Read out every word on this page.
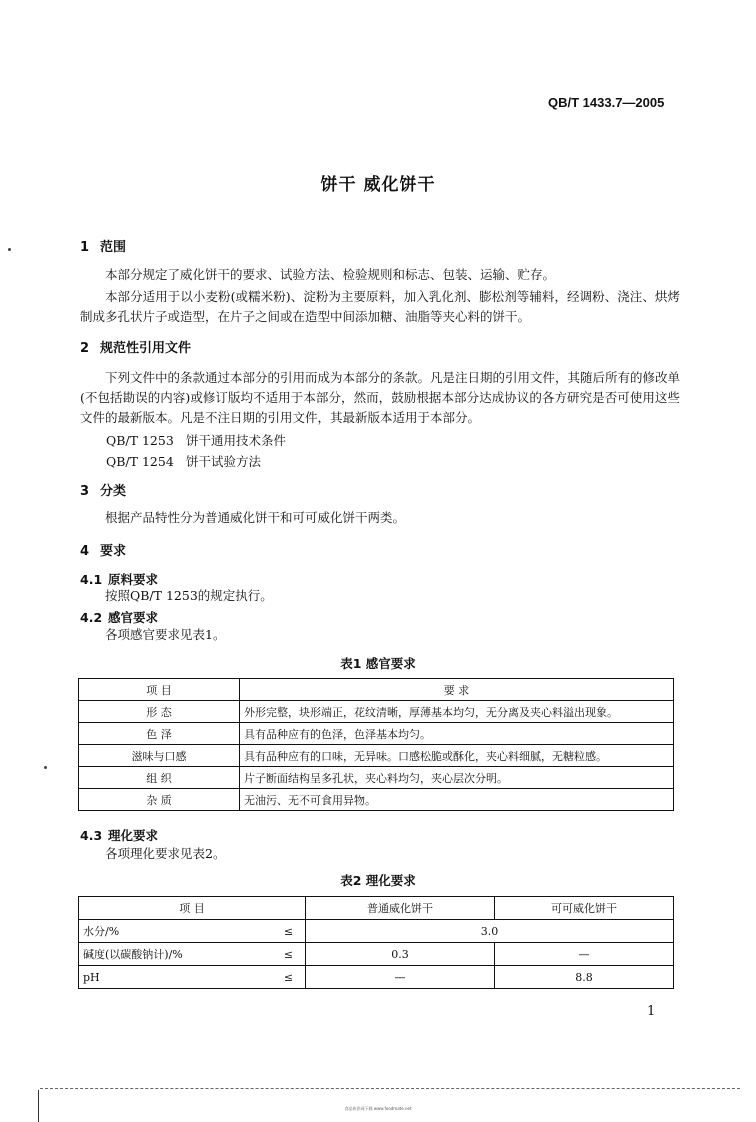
QB/T 1433.7—2005
饼干 威化饼干
1 范围
本部分规定了威化饼干的要求、试验方法、检验规则和标志、包装、运输、贮存。
本部分适用于以小麦粉(或糯米粉)、淀粉为主要原料，加入乳化剂、膨松剂等辅料，经调粉、浇注、烘烤制成多孔状片子或造型，在片子之间或在造型中间添加糖、油脂等夹心料的饼干。
2 规范性引用文件
下列文件中的条款通过本部分的引用而成为本部分的条款。凡是注日期的引用文件，其随后所有的修改单(不包括勘误的内容)或修订版均不适用于本部分，然而，鼓励根据本部分达成协议的各方研究是否可使用这些文件的最新版本。凡是不注日期的引用文件，其最新版本适用于本部分。
QB/T 1253 饼干通用技术条件
QB/T 1254 饼干试验方法
3 分类
根据产品特性分为普通威化饼干和可可威化饼干两类。
4 要求
4.1 原料要求
按照QB/T 1253的规定执行。
4.2 感官要求
各项感官要求见表1。
表1 感官要求
项 目	要 求
形 态	外形完整，块形端正，花纹清晰，厚薄基本均匀，无分离及夹心料溢出现象。
色 泽	具有品种应有的色泽，色泽基本均匀。
滋味与口感	具有品种应有的口味，无异味。口感松脆或酥化，夹心料细腻，无糖粒感。
组 织	片子断面结构呈多孔状，夹心料均匀，夹心层次分明。
杂 质	无油污、无不可食用异物。
4.3 理化要求
各项理化要求见表2。
表2 理化要求
项 目		普通威化饼干	可可威化饼干
水分/%	≤	3.0	
碱度(以碳酸钠计)/%	≤	0.3	—
pH	≤	—	8.8
1
食品伙伴网下载 www.foodmate.net
